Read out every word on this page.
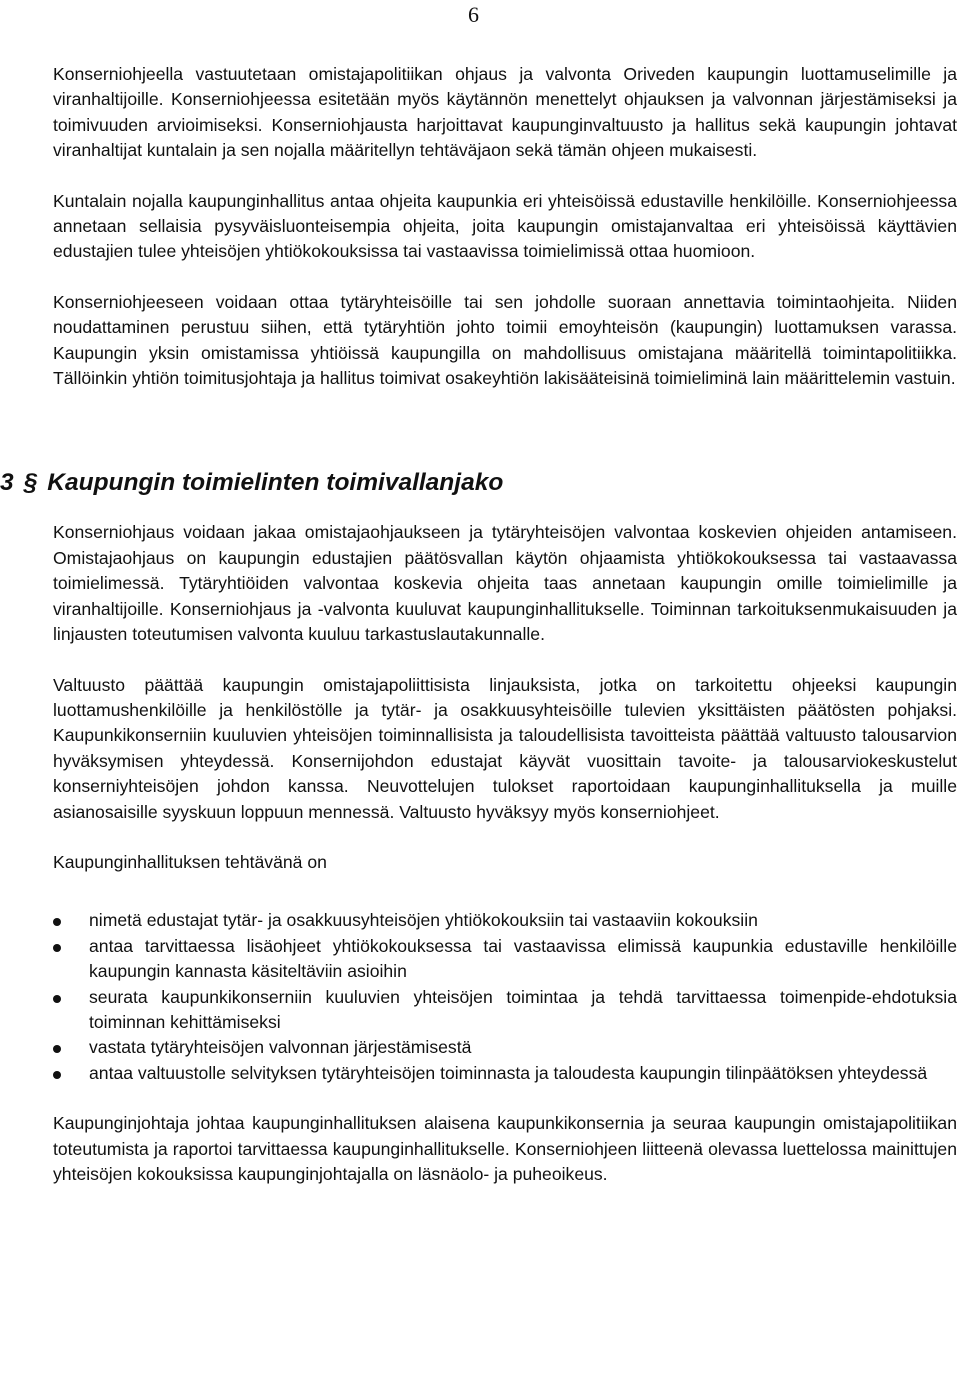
6

Konserniohjeella vastuutetaan omistajapolitiikan ohjaus ja valvonta Oriveden kaupungin luottamuselimille ja viranhaltijoille. Konserniohjeessa esitetään myös käytännön menettelyt ohjauksen ja valvonnan järjestämiseksi ja toimivuuden arvioimiseksi. Konserniohjausta harjoittavat kaupunginvaltuusto ja hallitus sekä kaupungin johtavat viranhaltijat kuntalain ja sen nojalla määritellyn tehtäväjaon sekä tämän ohjeen mukaisesti.

Kuntalain nojalla kaupunginhallitus antaa ohjeita kaupunkia eri yhteisöissä edustaville henkilöille. Konserniohjeessa annetaan sellaisia pysyväisluonteisempia ohjeita, joita kaupungin omistajanvaltaa eri yhteisöissä käyttävien edustajien tulee yhteisöjen yhtiökokouksissa tai vastaavissa toimielimissä ottaa huomioon.

Konserniohjeeseen voidaan ottaa tytäryhteisöille tai sen johdolle suoraan annettavia toimintaohjeita. Niiden noudattaminen perustuu siihen, että tytäryhtiön johto toimii emoyhteisön (kaupungin) luottamuksen varassa. Kaupungin yksin omistamissa yhtiöissä kaupungilla on mahdollisuus omistajana määritellä toimintapolitiikka. Tällöinkin yhtiön toimitusjohtaja ja hallitus toimivat osakeyhtiön lakisääteisinä toimieliminä lain määrittelemin vastuin.

3 § Kaupungin toimielinten toimivallanjako

Konserniohjaus voidaan jakaa omistajaohjaukseen ja tytäryhteisöjen valvontaa koskevien ohjeiden antamiseen. Omistajaohjaus on kaupungin edustajien päätösvallan käytön ohjaamista yhtiökokouksessa tai vastaavassa toimielimessä. Tytäryhtiöiden valvontaa koskevia ohjeita taas annetaan kaupungin omille toimielimille ja viranhaltijoille. Konserniohjaus ja -valvonta kuuluvat kaupunginhallitukselle. Toiminnan tarkoituksenmukaisuuden ja linjausten toteutumisen valvonta kuuluu tarkastuslautakunnalle.

Valtuusto päättää kaupungin omistajapoliittisista linjauksista, jotka on tarkoitettu ohjeeksi kaupungin luottamushenkilöille ja henkilöstölle ja tytär- ja osakkuusyhteisöille tulevien yksittäisten päätösten pohjaksi. Kaupunkikonserniin kuuluvien yhteisöjen toiminnallisista ja taloudellisista tavoitteista päättää valtuusto talousarvion hyväksymisen yhteydessä. Konsernijohdon edustajat käyvät vuosittain tavoite- ja talousarviokeskustelut konserniyhteisöjen johdon kanssa. Neuvottelujen tulokset raportoidaan kaupunginhallituksella ja muille asianosaisille syyskuun loppuun mennessä. Valtuusto hyväksyy myös konserniohjeet.

Kaupunginhallituksen tehtävänä on

nimetä edustajat tytär- ja osakkuusyhteisöjen yhtiökokouksiin tai vastaaviin kokouksiin
antaa tarvittaessa lisäohjeet yhtiökokouksessa tai vastaavissa elimissä kaupunkia edustaville henkilöille kaupungin kannasta käsiteltäviin asioihin
seurata kaupunkikonserniin kuuluvien yhteisöjen toimintaa ja tehdä tarvittaessa toimenpide-ehdotuksia toiminnan kehittämiseksi
vastata tytäryhteisöjen valvonnan järjestämisestä
antaa valtuustolle selvityksen tytäryhteisöjen toiminnasta ja taloudesta kaupungin tilinpäätöksen yhteydessä

Kaupunginjohtaja johtaa kaupunginhallituksen alaisena kaupunkikonsernia ja seuraa kaupungin omistajapolitiikan toteutumista ja raportoi tarvittaessa kaupunginhallitukselle. Konserniohjeen liitteenä olevassa luettelossa mainittujen yhteisöjen kokouksissa kaupunginjohtajalla on läsnäolo- ja puheoikeus.
